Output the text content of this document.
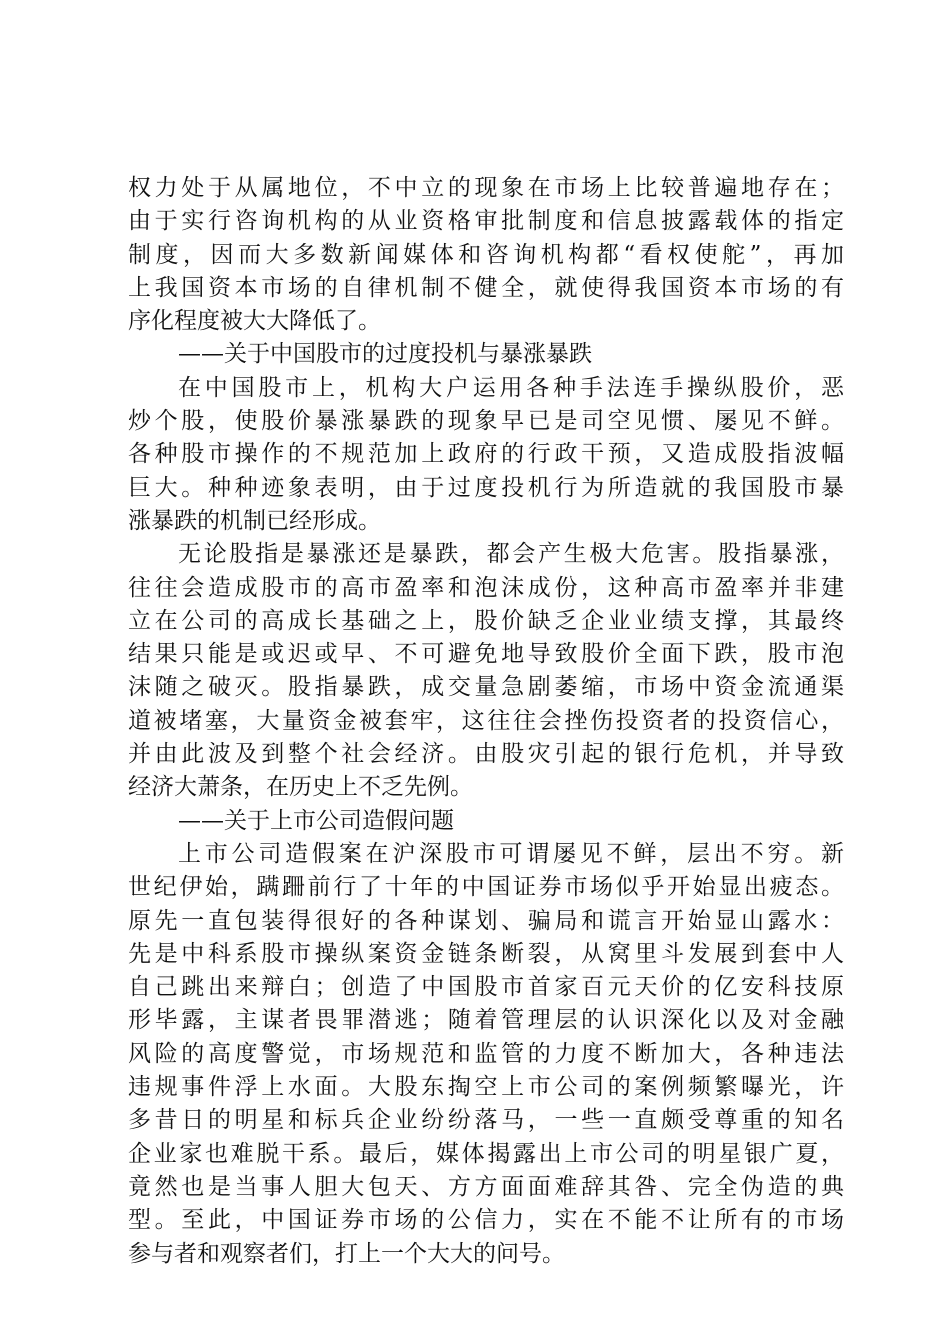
权力处于从属地位，不中立的现象在市场上比较普遍地存在；
由于实行咨询机构的从业资格审批制度和信息披露载体的指定
制度，因而大多数新闻媒体和咨询机构都“看权使舵”，再加
上我国资本市场的自律机制不健全，就使得我国资本市场的有
序化程度被大大降低了。
——关于中国股市的过度投机与暴涨暴跌
在中国股市上，机构大户运用各种手法连手操纵股价，恶
炒个股，使股价暴涨暴跌的现象早已是司空见惯、屡见不鲜。
各种股市操作的不规范加上政府的行政干预，又造成股指波幅
巨大。种种迹象表明，由于过度投机行为所造就的我国股市暴
涨暴跌的机制已经形成。
无论股指是暴涨还是暴跌，都会产生极大危害。股指暴涨，
往往会造成股市的高市盈率和泡沫成份，这种高市盈率并非建
立在公司的高成长基础之上，股价缺乏企业业绩支撑，其最终
结果只能是或迟或早、不可避免地导致股价全面下跌，股市泡
沫随之破灭。股指暴跌，成交量急剧萎缩，市场中资金流通渠
道被堵塞，大量资金被套牢，这往往会挫伤投资者的投资信心，
并由此波及到整个社会经济。由股灾引起的银行危机，并导致
经济大萧条，在历史上不乏先例。
——关于上市公司造假问题
上市公司造假案在沪深股市可谓屡见不鲜，层出不穷。新
世纪伊始，蹒跚前行了十年的中国证券市场似乎开始显出疲态。
原先一直包装得很好的各种谋划、骗局和谎言开始显山露水：
先是中科系股市操纵案资金链条断裂，从窝里斗发展到套中人
自己跳出来辩白；创造了中国股市首家百元天价的亿安科技原
形毕露，主谋者畏罪潜逃；随着管理层的认识深化以及对金融
风险的高度警觉，市场规范和监管的力度不断加大，各种违法
违规事件浮上水面。大股东掏空上市公司的案例频繁曝光，许
多昔日的明星和标兵企业纷纷落马，一些一直颇受尊重的知名
企业家也难脱干系。最后，媒体揭露出上市公司的明星银广夏，
竟然也是当事人胆大包天、方方面面难辞其咎、完全伪造的典
型。至此，中国证券市场的公信力，实在不能不让所有的市场
参与者和观察者们，打上一个大大的问号。
